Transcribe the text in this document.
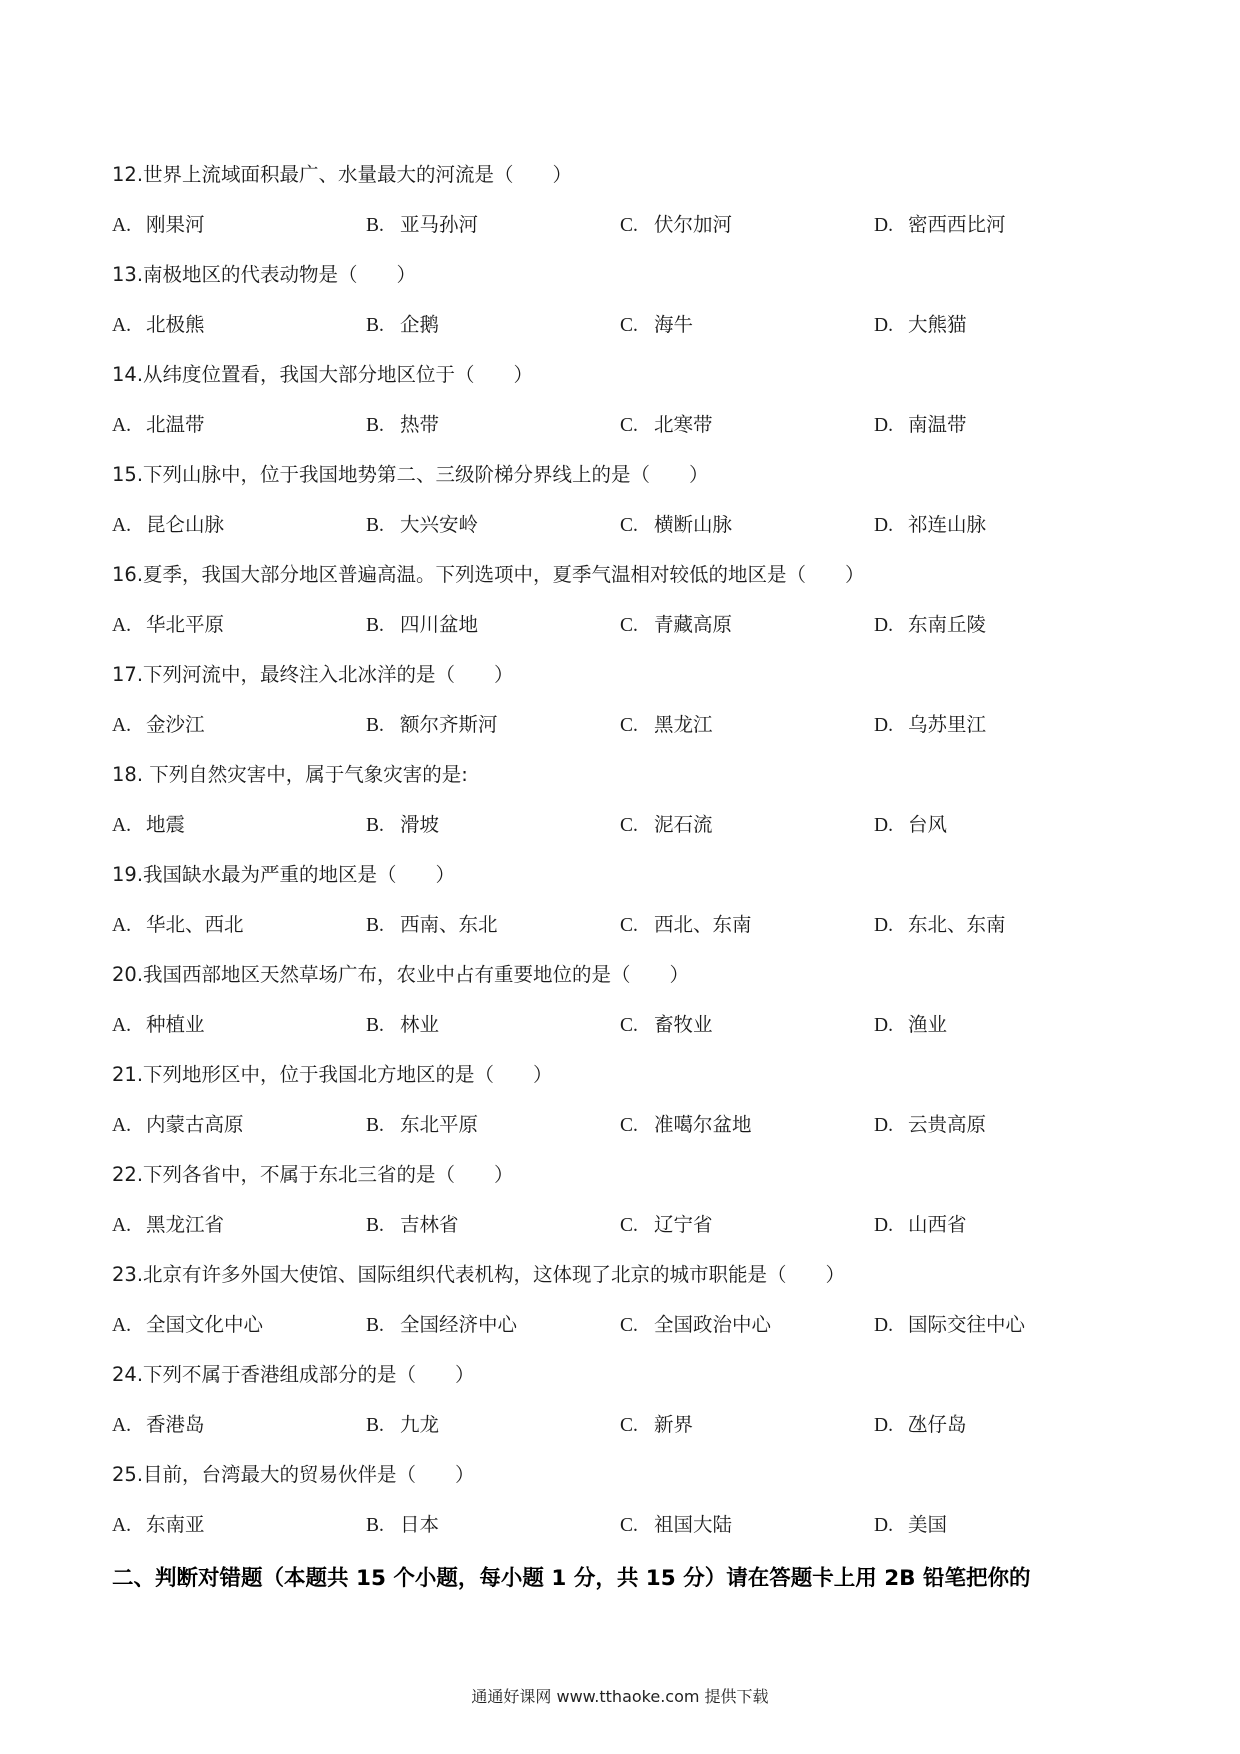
12.世界上流域面积最广、水量最大的河流是（　　）
A. 刚果河	B. 亚马孙河	C. 伏尔加河	D. 密西西比河
13.南极地区的代表动物是（　　）
A. 北极熊	B. 企鹅	C. 海牛	D. 大熊猫
14.从纬度位置看，我国大部分地区位于（　　）
A. 北温带	B. 热带	C. 北寒带	D. 南温带
15.下列山脉中，位于我国地势第二、三级阶梯分界线上的是（　　）
A. 昆仑山脉	B. 大兴安岭	C. 横断山脉	D. 祁连山脉
16.夏季，我国大部分地区普遍高温。下列选项中，夏季气温相对较低的地区是（　　）
A. 华北平原	B. 四川盆地	C. 青藏高原	D. 东南丘陵
17.下列河流中，最终注入北冰洋的是（　　）
A. 金沙江	B. 额尔齐斯河	C. 黑龙江	D. 乌苏里江
18. 下列自然灾害中，属于气象灾害的是:
A. 地震	B. 滑坡	C. 泥石流	D. 台风
19.我国缺水最为严重的地区是（　　）
A. 华北、西北	B. 西南、东北	C. 西北、东南	D. 东北、东南
20.我国西部地区天然草场广布，农业中占有重要地位的是（　　）
A. 种植业	B. 林业	C. 畜牧业	D. 渔业
21.下列地形区中，位于我国北方地区的是（　　）
A. 内蒙古高原	B. 东北平原	C. 准噶尔盆地	D. 云贵高原
22.下列各省中，不属于东北三省的是（　　）
A. 黑龙江省	B. 吉林省	C. 辽宁省	D. 山西省
23.北京有许多外国大使馆、国际组织代表机构，这体现了北京的城市职能是（　　）
A. 全国文化中心	B. 全国经济中心	C. 全国政治中心	D. 国际交往中心
24.下列不属于香港组成部分的是（　　）
A. 香港岛	B. 九龙	C. 新界	D. 氹仔岛
25.目前，台湾最大的贸易伙伴是（　　）
A. 东南亚	B. 日本	C. 祖国大陆	D. 美国
二、判断对错题（本题共 15 个小题，每小题 1 分，共 15 分）请在答题卡上用 2B 铅笔把你的
通通好课网 www.tthaoke.com 提供下载
